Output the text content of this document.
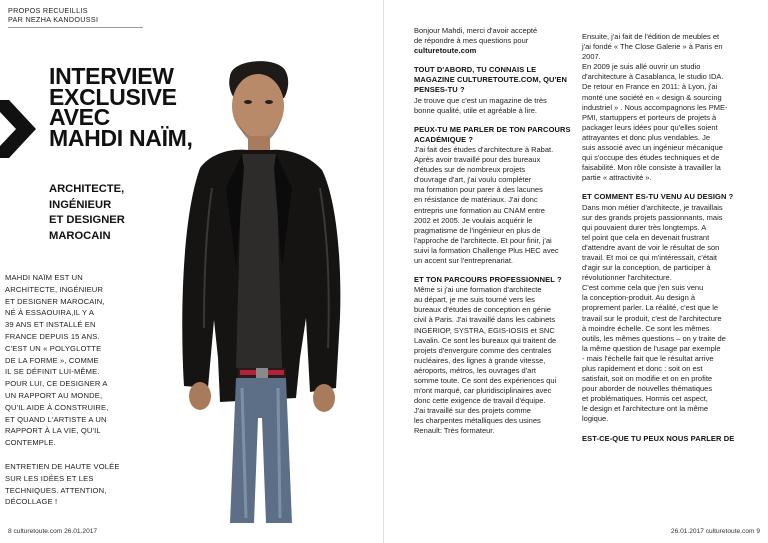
PROPOS RECUEILLIS
PAR NEZHA KANDOUSSI
INTERVIEW
EXCLUSIVE
AVEC
MAHDI NAÏM,
ARCHITECTE,
INGÉNIEUR
ET DESIGNER
MAROCAIN
MAHDI NAÏM EST UN
ARCHITECTE, INGÉNIEUR
ET DESIGNER MAROCAIN,
NÉ À ESSAOUIRA,IL Y A
39 ANS ET INSTALLÉ EN
FRANCE DEPUIS 15 ANS.
C'EST UN « POLYGLOTTE
DE LA FORME », COMME
IL SE DÉFINIT LUI-MÊME.
POUR LUI, CE DESIGNER A
UN RAPPORT AU MONDE,
QU'IL AIDE À CONSTRUIRE,
ET QUAND L'ARTISTE A UN
RAPPORT À LA VIE, QU'IL
CONTEMPLE.
ENTRETIEN DE HAUTE VOLÉE
SUR LES IDÉES ET LES
TECHNIQUES. ATTENTION,
DÉCOLLAGE !
8 culturetoute.com 26.01.2017
Bonjour Mahdi, merci d'avoir accepté
de répondre à mes questions pour
culturetoute.com
TOUT D'ABORD, TU CONNAIS LE
MAGAZINE CULTURETOUTE.COM, QU'EN
PENSES-TU ?
Je trouve que c'est un magazine de très
bonne qualité, utile et agréable à lire.
PEUX-TU ME PARLER DE TON PARCOURS
ACADÉMIQUE ?
J'ai fait des études d'architecture à Rabat.
Après avoir travaillé pour des bureaux
d'études sur de nombreux projets
d'ouvrage d'art, j'ai voulu compléter
ma formation pour parer à des lacunes
en résistance de matériaux. J'ai donc
entrepris une formation au CNAM entre
2002 et 2005. Je voulais acquérir le
pragmatisme de l'ingénieur en plus de
l'approche de l'architecte. Et pour finir, j'ai
suivi la formation Challenge Plus HEC avec
un accent sur l'entreprenariat.
ET TON PARCOURS PROFESSIONNEL ?
Même si j'ai une formation d'architecte
au départ, je me suis tourné vers les
bureaux d'études de conception en génie
civil à Paris. J'ai travaillé dans les cabinets
INGERIOP, SYSTRA, EGIS-IOSIS et SNC
Lavalin. Ce sont les bureaux qui traitent de
projets d'envergure comme des centrales
nucléaires, des lignes à grande vitesse,
aéroports, métros, les ouvrages d'art
somme toute. Ce sont des expériences qui
m'ont marqué, car pluridisciplinaires avec
donc cette exigence de travail d'équipe.
J'ai travaillé sur des projets comme
les charpentes métalliques des usines
Renault: Très formateur.
Ensuite, j'ai fait de l'édition de meubles et
j'ai fondé « The Close Galerie » à Paris en
2007.
En 2009 je suis allé ouvrir un studio
d'architecture à Casablanca, le studio IDA.
De retour en France en 2011: à Lyon, j'ai
monté une société en « design & sourcing
industriel » . Nous accompagnons les PME-
PMI, startuppers et porteurs de projets à
packager leurs idées pour qu'elles soient
attrayantes et donc plus vendables. Je
suis associé avec un ingénieur mécanique
qui s'occupe des études techniques et de
faisabilité. Mon rôle consiste à travailler la
partie « attractivité ».
ET COMMENT ES-TU VENU AU DESIGN ?
Dans mon métier d'architecte, je travaillais
sur des grands projets passionnants, mais
qui pouvaient durer très longtemps. A
tel point que cela en devenait frustrant
d'attendre avant de voir le résultat de son
travail. Et moi ce qui m'intéressait, c'était
d'agir sur la conception, de participer à
révolutionner l'architecture.
C'est comme cela que j'en suis venu
la conception-produit. Au design à
proprement parler. La réalité, c'est que le
travail sur le produit, c'est de l'architecture
à moindre échelle. Ce sont les mêmes
outils, les mêmes questions – on y traite de
la même question de l'usage par exemple
- mais l'échelle fait que le résultat arrive
plus rapidement et donc : soit on est
satisfait, soit on modifie et on en profite
pour aborder de nouvelles thématiques
et problématiques. Hormis cet aspect,
le design et l'architecture ont la même
logique.
EST-CE-QUE TU PEUX NOUS PARLER DE
26.01.2017 culturetoute.com 9
